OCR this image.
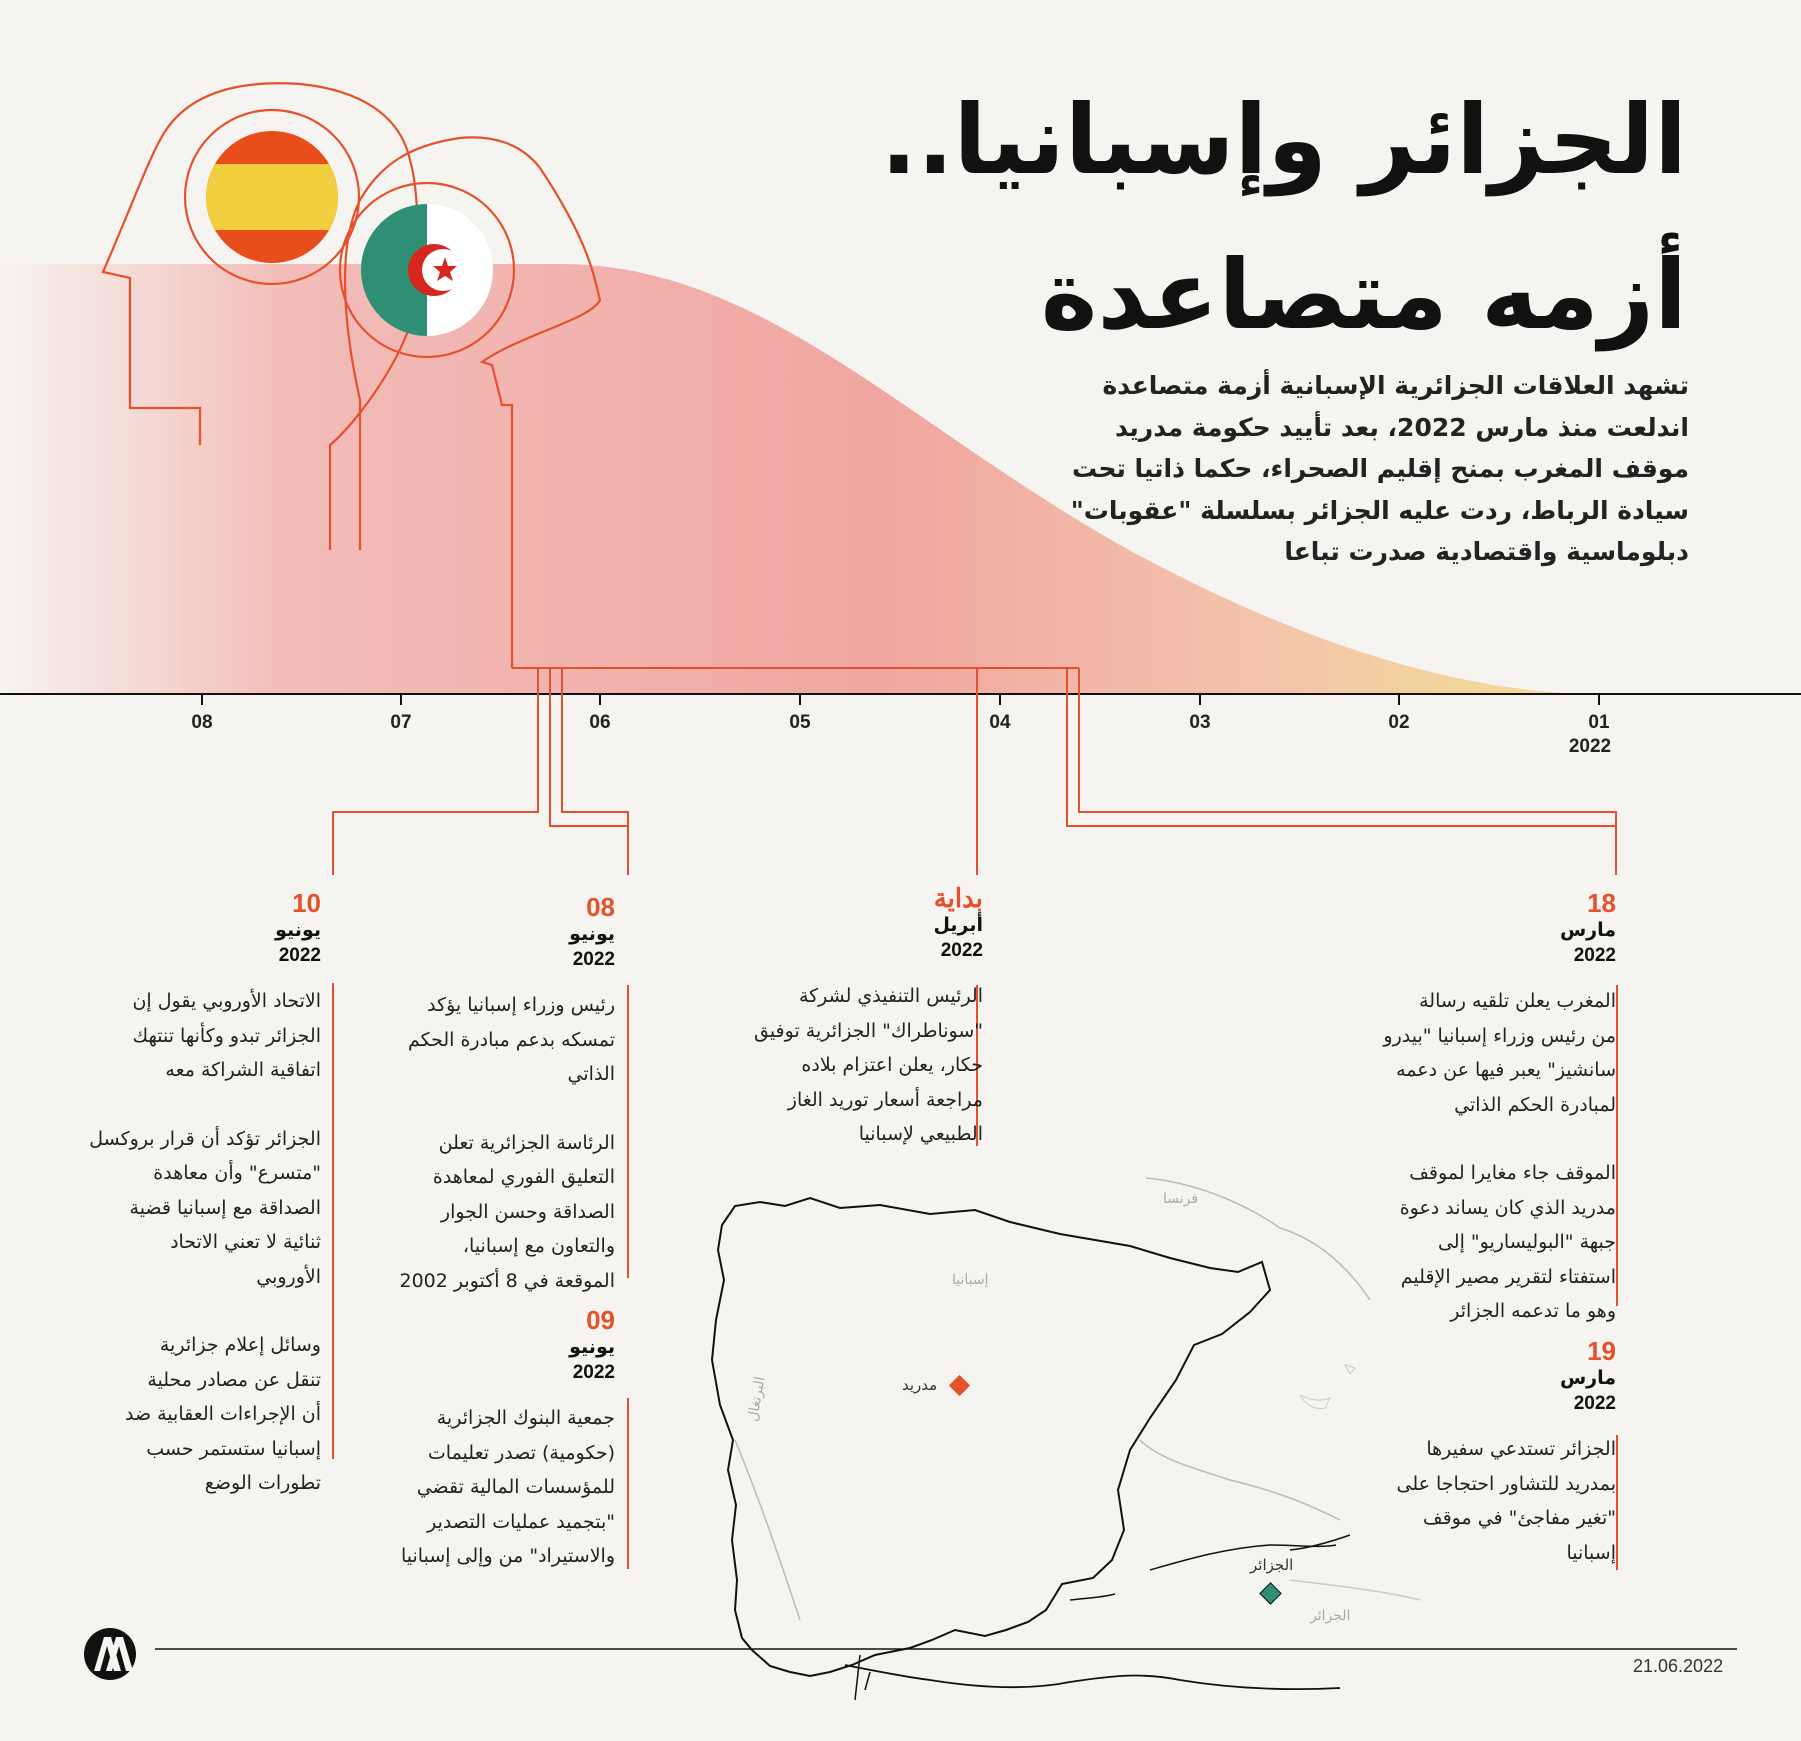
الجزائر وإسبانيا..
أزمه متصاعدة
تشهد العلاقات الجزائرية الإسبانية أزمة متصاعدة
اندلعت منذ مارس 2022، بعد تأييد حكومة مدريد
موقف المغرب بمنح إقليم الصحراء، حكما ذاتيا تحت
سيادة الرباط، ردت عليه الجزائر بسلسلة "عقوبات"
دبلوماسية واقتصادية صدرت تباعا
08	07	06	05	04	03	02	01
2022
18
مارس
2022
المغرب يعلن تلقيه رسالة
من رئيس وزراء إسبانيا "بيدرو
سانشيز" يعبر فيها عن دعمه
لمبادرة الحكم الذاتي
الموقف جاء مغايرا لموقف
مدريد الذي كان يساند دعوة
جبهة "البوليساريو" إلى
استفتاء لتقرير مصير الإقليم
وهو ما تدعمه الجزائر
19
مارس
2022
الجزائر تستدعي سفيرها
بمدريد للتشاور احتجاجا على
"تغير مفاجئ" في موقف
إسبانيا
بداية
أبريل
2022
الرئيس التنفيذي لشركة
"سوناطراك" الجزائرية توفيق
حكار، يعلن اعتزام بلاده
مراجعة أسعار توريد الغاز
الطبيعي لإسبانيا
08
يونيو
2022
رئيس وزراء إسبانيا يؤكد
تمسكه بدعم مبادرة الحكم
الذاتي
الرئاسة الجزائرية تعلن
التعليق الفوري لمعاهدة
الصداقة وحسن الجوار
والتعاون مع إسبانيا،
الموقعة في 8 أكتوبر 2002
09
يونيو
2022
جمعية البنوك الجزائرية
(حكومية) تصدر تعليمات
للمؤسسات المالية تقضي
"بتجميد عمليات التصدير
والاستيراد" من وإلى إسبانيا
10
يونيو
2022
الاتحاد الأوروبي يقول إن
الجزائر تبدو وكأنها تنتهك
اتفاقية الشراكة معه
الجزائر تؤكد أن قرار بروكسل
"متسرع" وأن معاهدة
الصداقة مع إسبانيا قضية
ثنائية لا تعني الاتحاد
الأوروبي
وسائل إعلام جزائرية
تنقل عن مصادر محلية
أن الإجراءات العقابية ضد
إسبانيا ستستمر حسب
تطورات الوضع
فرنسا
إسبانيا
البرتغال
الجزائر
مدريد
الجزائر
21.06.2022
